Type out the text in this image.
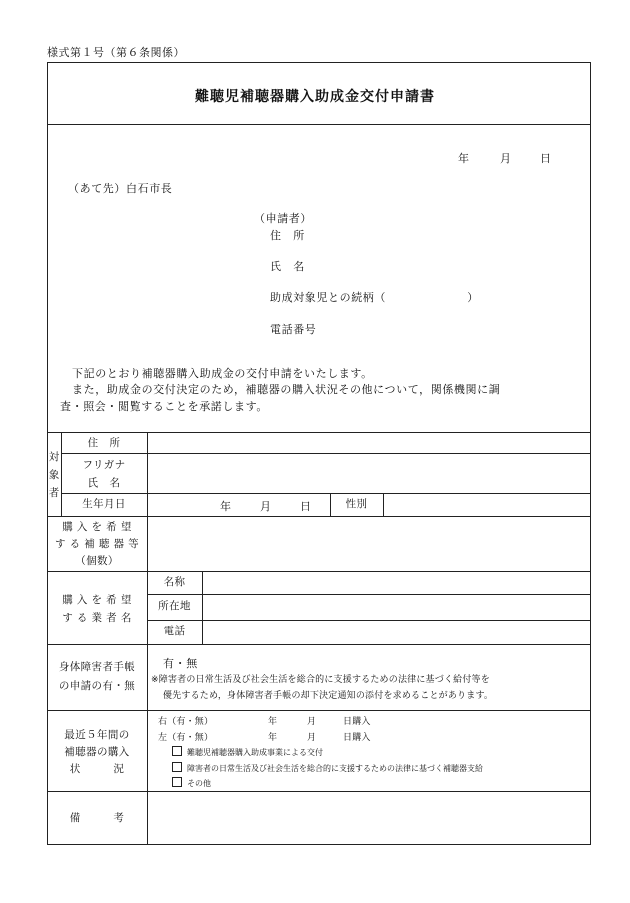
様式第１号（第６条関係）
難聴児補聴器購入助成金交付申請書
年	月	日
（あて先）白石市長
（申請者）
住　所
氏　名
助成対象児との続柄（　　　　　　　）
電話番号
下記のとおり補聴器購入助成金の交付申請をいたします。
また，助成金の交付決定のため，補聴器の購入状況その他について，関係機関に調
査・照会・閲覧することを承諾します。
対象者
住　所
フリガナ
氏　名
生年月日	年	月	日	性別
購 入 を 希 望
す る 補 聴 器 等
（個数）
購 入 を 希 望
す る 業 者 名
名称
所在地
電話
身体障害者手帳
の申請の有・無
有・無
※障害者の日常生活及び社会生活を総合的に支援するための法律に基づく給付等を
優先するため，身体障害者手帳の却下決定通知の添付を求めることがあります。
最近５年間の
補聴器の購入
状　　　況
右（有・無）	年	月	日購入
左（有・無）	年	月	日購入
難聴児補聴器購入助成事業による交付
障害者の日常生活及び社会生活を総合的に支援するための法律に基づく補聴器支給
その他
備　　　考
